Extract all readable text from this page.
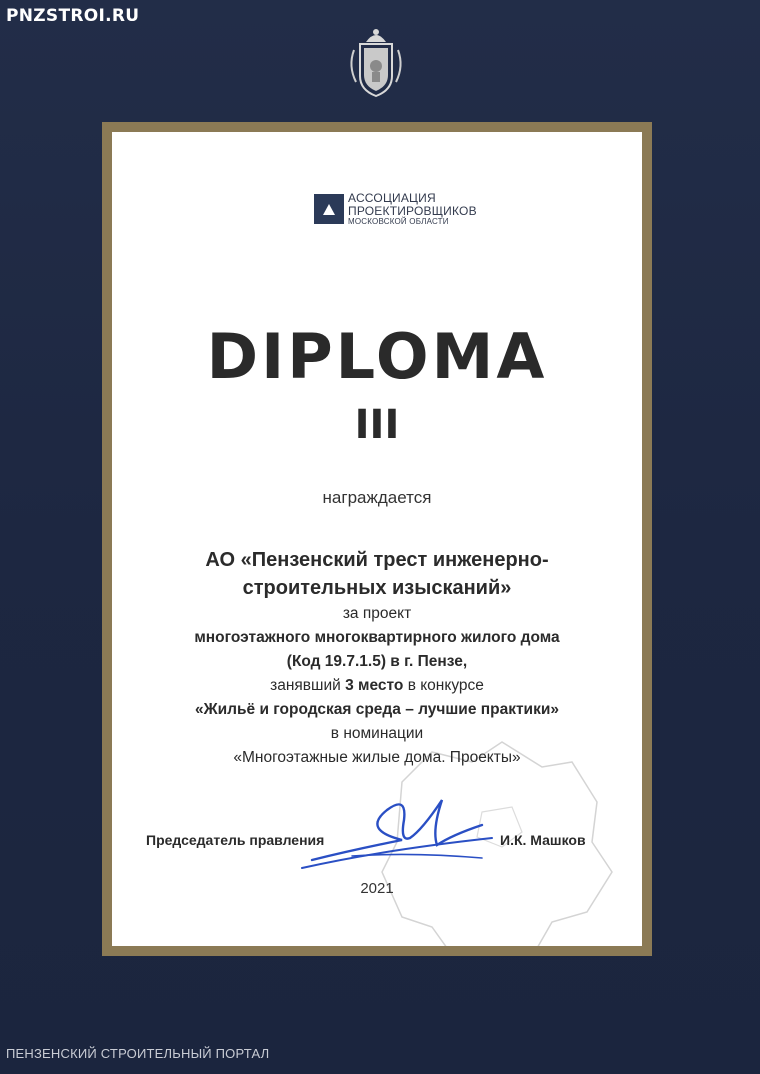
PNZSTROI.RU
АССОЦИАЦИЯ
ПРОЕКТИРОВЩИКОВ
МОСКОВСКОЙ ОБЛАСТИ
DIPLOMA
III
награждается
АО «Пензенский трест инженерно-
строительных изысканий»
за проект
многоэтажного многоквартирного жилого дома
(Код 19.7.1.5) в г. Пензе,
занявший 3 место в конкурсе
«Жильё и городская среда – лучшие практики»
в номинации
«Многоэтажные жилые дома. Проекты»
Председатель правления	И.К. Машков
2021
ПЕНЗЕНСКИЙ СТРОИТЕЛЬНЫЙ ПОРТАЛ
